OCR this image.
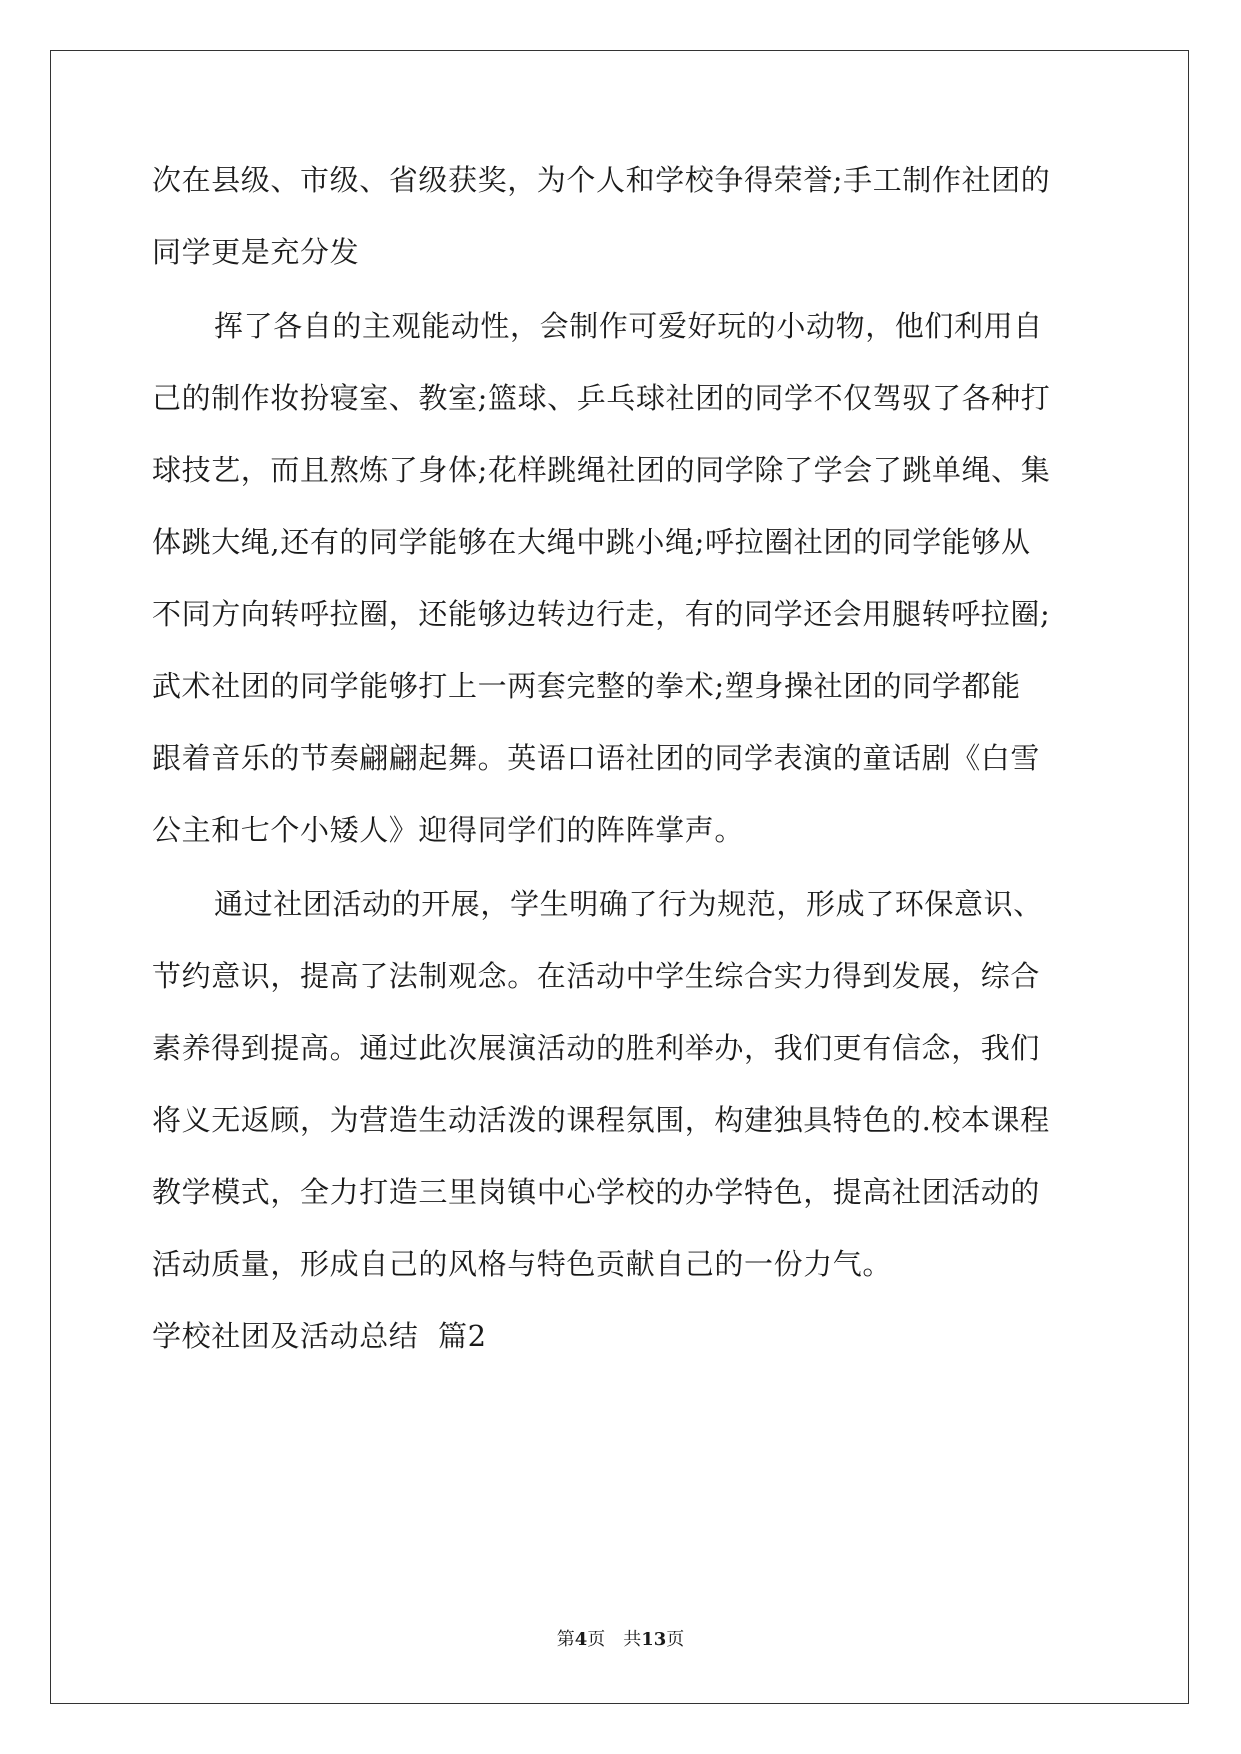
次在县级、市级、省级获奖，为个人和学校争得荣誉;手工制作社团的
同学更是充分发
挥了各自的主观能动性，会制作可爱好玩的小动物，他们利用自
己的制作妆扮寝室、教室;篮球、乒乓球社团的同学不仅驾驭了各种打
球技艺，而且熬炼了身体;花样跳绳社团的同学除了学会了跳单绳、集
体跳大绳,还有的同学能够在大绳中跳小绳;呼拉圈社团的同学能够从
不同方向转呼拉圈，还能够边转边行走，有的同学还会用腿转呼拉圈;
武术社团的同学能够打上一两套完整的拳术;塑身操社团的同学都能
跟着音乐的节奏翩翩起舞。英语口语社团的同学表演的童话剧《白雪
公主和七个小矮人》迎得同学们的阵阵掌声。
通过社团活动的开展，学生明确了行为规范，形成了环保意识、
节约意识，提高了法制观念。在活动中学生综合实力得到发展，综合
素养得到提高。通过此次展演活动的胜利举办，我们更有信念，我们
将义无返顾，为营造生动活泼的课程氛围，构建独具特色的.校本课程
教学模式，全力打造三里岗镇中心学校的办学特色，提高社团活动的
活动质量，形成自己的风格与特色贡献自己的一份力气。
学校社团及活动总结  篇2
第4页 共13页
